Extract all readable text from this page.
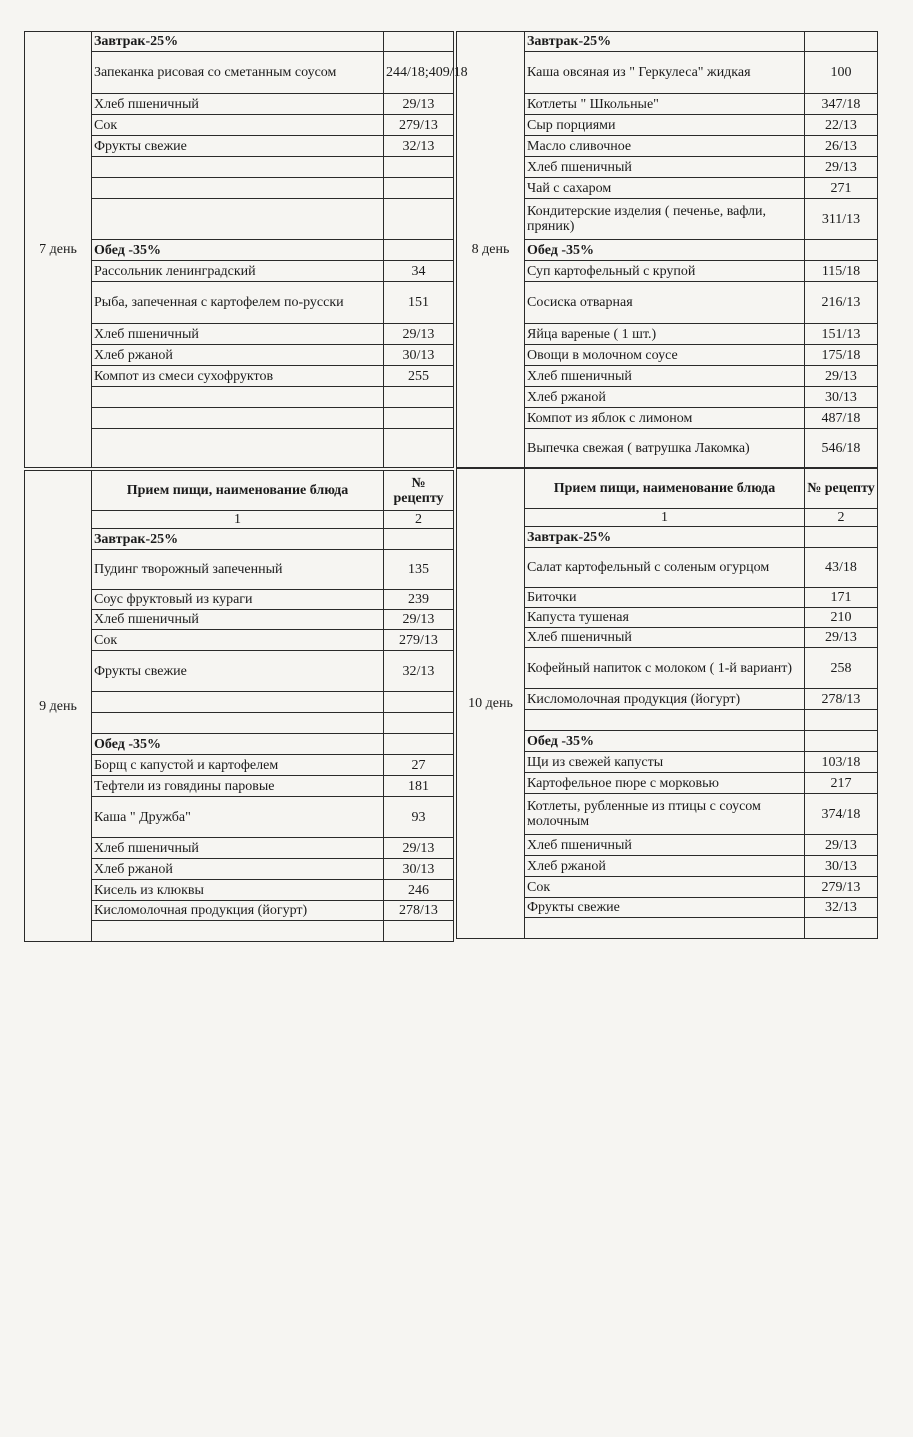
7 день	Завтрак-25%	
	Запеканка рисовая со сметанным соусом	244/18;409/18
	Хлеб пшеничный	29/13
	Сок	279/13
	Фрукты свежие	32/13

	Обед -35%	
	Рассольник ленинградский	34
	Рыба, запеченная с картофелем по-русски	151
	Хлеб пшеничный	29/13
	Хлеб ржаной	30/13
	Компот из смеси сухофруктов	255

8 день	Завтрак-25%	
	Каша овсяная из " Геркулеса" жидкая	100
	Котлеты " Школьные"	347/18
	Сыр порциями	22/13
	Масло сливочное	26/13
	Хлеб пшеничный	29/13
	Чай с сахаром	271
	Кондитерские изделия ( печенье, вафли, пряник)	311/13
	Обед -35%	
	Суп картофельный с крупой	115/18
	Сосиска отварная	216/13
	Яйца вареные ( 1 шт.)	151/13
	Овощи в молочном соусе	175/18
	Хлеб пшеничный	29/13
	Хлеб ржаной	30/13
	Компот из яблок с лимоном	487/18
	Выпечка свежая ( ватрушка Лакомка)	546/18
9 день	Прием пищи, наименование блюда	№ рецепту
	1	2
	Завтрак-25%	
	Пудинг творожный запеченный	135
	Соус фруктовый из кураги	239
	Хлеб пшеничный	29/13
	Сок	279/13
	Фрукты свежие	32/13

	Обед -35%	
	Борщ с капустой и картофелем	27
	Тефтели из говядины паровые	181
	Каша " Дружба"	93
	Хлеб пшеничный	29/13
	Хлеб ржаной	30/13
	Кисель из клюквы	246
	Кисломолочная продукция (йогурт)	278/13

10 день	Прием пищи, наименование блюда	№ рецепту
	1	2
	Завтрак-25%	
	Салат картофельный с соленым огурцом	43/18
	Биточки	171
	Капуста тушеная	210
	Хлеб пшеничный	29/13
	Кофейный напиток с молоком ( 1-й вариант)	258
	Кисломолочная продукция (йогурт)	278/13

	Обед -35%	
	Щи из свежей капусты	103/18
	Картофельное пюре с морковью	217
	Котлеты, рубленные из птицы с соусом молочным	374/18
	Хлеб пшеничный	29/13
	Хлеб ржаной	30/13
	Сок	279/13
	Фрукты свежие	32/13
